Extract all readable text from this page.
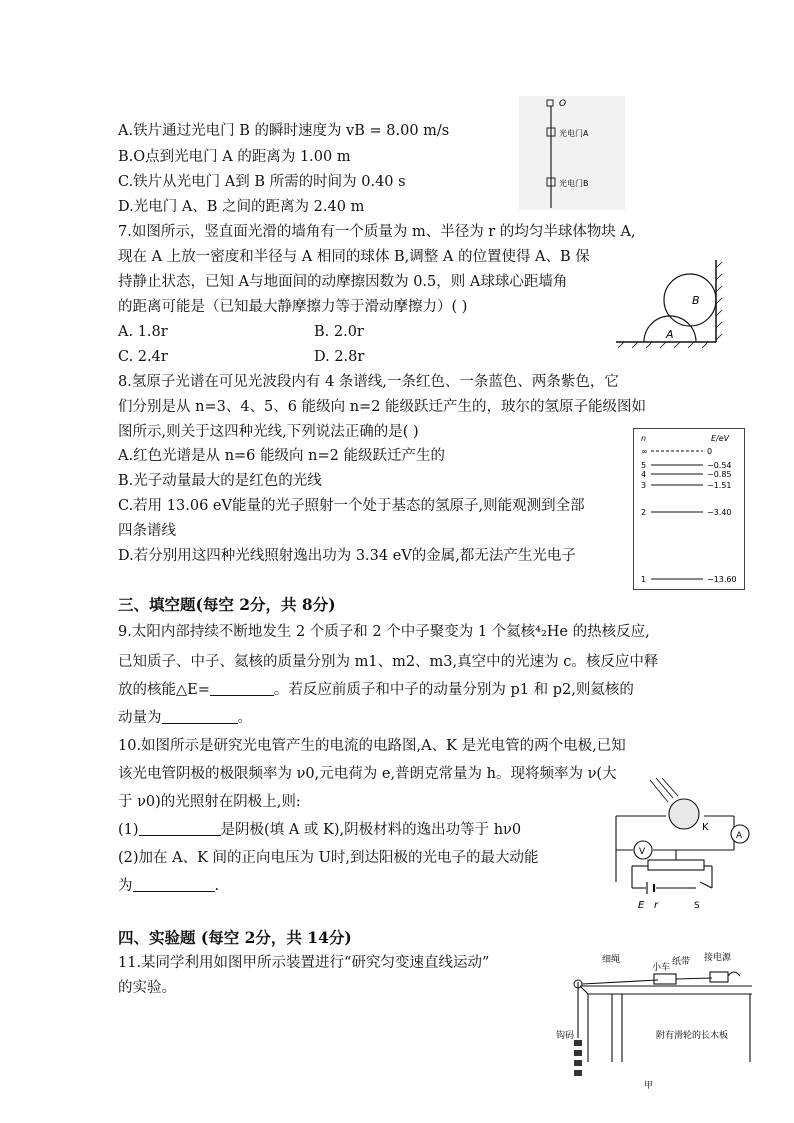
A.铁片通过光电门 B 的瞬时速度为 vB = 8.00 m/s
B.O点到光电门 A 的距离为 1.00 m
C.铁片从光电门 A到 B 所需的时间为 0.40 s
D.光电门 A、B 之间的距离为 2.40 m
O
光电门A
光电门B
7.如图所示，竖直面光滑的墙角有一个质量为 m、半径为 r 的均匀半球体物块 A,
现在 A 上放一密度和半径与 A 相同的球体 B,调整 A 的位置使得 A、B 保
持静止状态，已知 A与地面间的动摩擦因数为 0.5，则 A球球心距墙角
的距离可能是（已知最大静摩擦力等于滑动摩擦力）( )
A. 1.8r	B. 2.0r
C. 2.4r	D. 2.8r
A
B
8.氢原子光谱在可见光波段内有 4 条谱线,一条红色、一条蓝色、两条紫色，它
们分别是从 n=3、4、5、6 能级向 n=2 能级跃迁产生的，玻尔的氢原子能级图如
图所示,则关于这四种光线,下列说法正确的是( )
A.红色光谱是从 n=6 能级向 n=2 能级跃迁产生的
B.光子动量最大的是红色的光线
C.若用 13.06 eV能量的光子照射一个处于基态的氢原子,则能观测到全部
四条谱线
D.若分别用这四种光线照射逸出功为 3.34 eV的金属,都无法产生光电子
n	E/eV
∞	0
5	−0.54
4	−0.85
3	−1.51
2	−3.40
1	−13.60
三、填空题(每空 2分，共 8分)
9.太阳内部持续不断地发生 2 个质子和 2 个中子聚变为 1 个氦核⁴₂He 的热核反应,
已知质子、中子、氦核的质量分别为 m1、m2、m3,真空中的光速为 c。核反应中释
放的核能△E=	。若反应前质子和中子的动量分别为 p1 和 p2,则氦核的
动量为	。
10.如图所示是研究光电管产生的电流的电路图,A、K 是光电管的两个电极,已知
该光电管阴极的极限频率为 ν0,元电荷为 e,普朗克常量为 h。现将频率为 ν(大
于 ν0)的光照射在阴极上,则:
(1)	是阴极(填 A 或 K),阴极材料的逸出功等于 hν0
(2)加在 A、K 间的正向电压为 U时,到达阳极的光电子的最大动能
为	.
V
A
K
E r	S
四、实验题 (每空 2分，共 14分)
11.某同学利用如图甲所示装置进行“研究匀变速直线运动”
的实验。
细绳
小车
纸带 接电源
钩码	附有滑轮的长木板
甲
